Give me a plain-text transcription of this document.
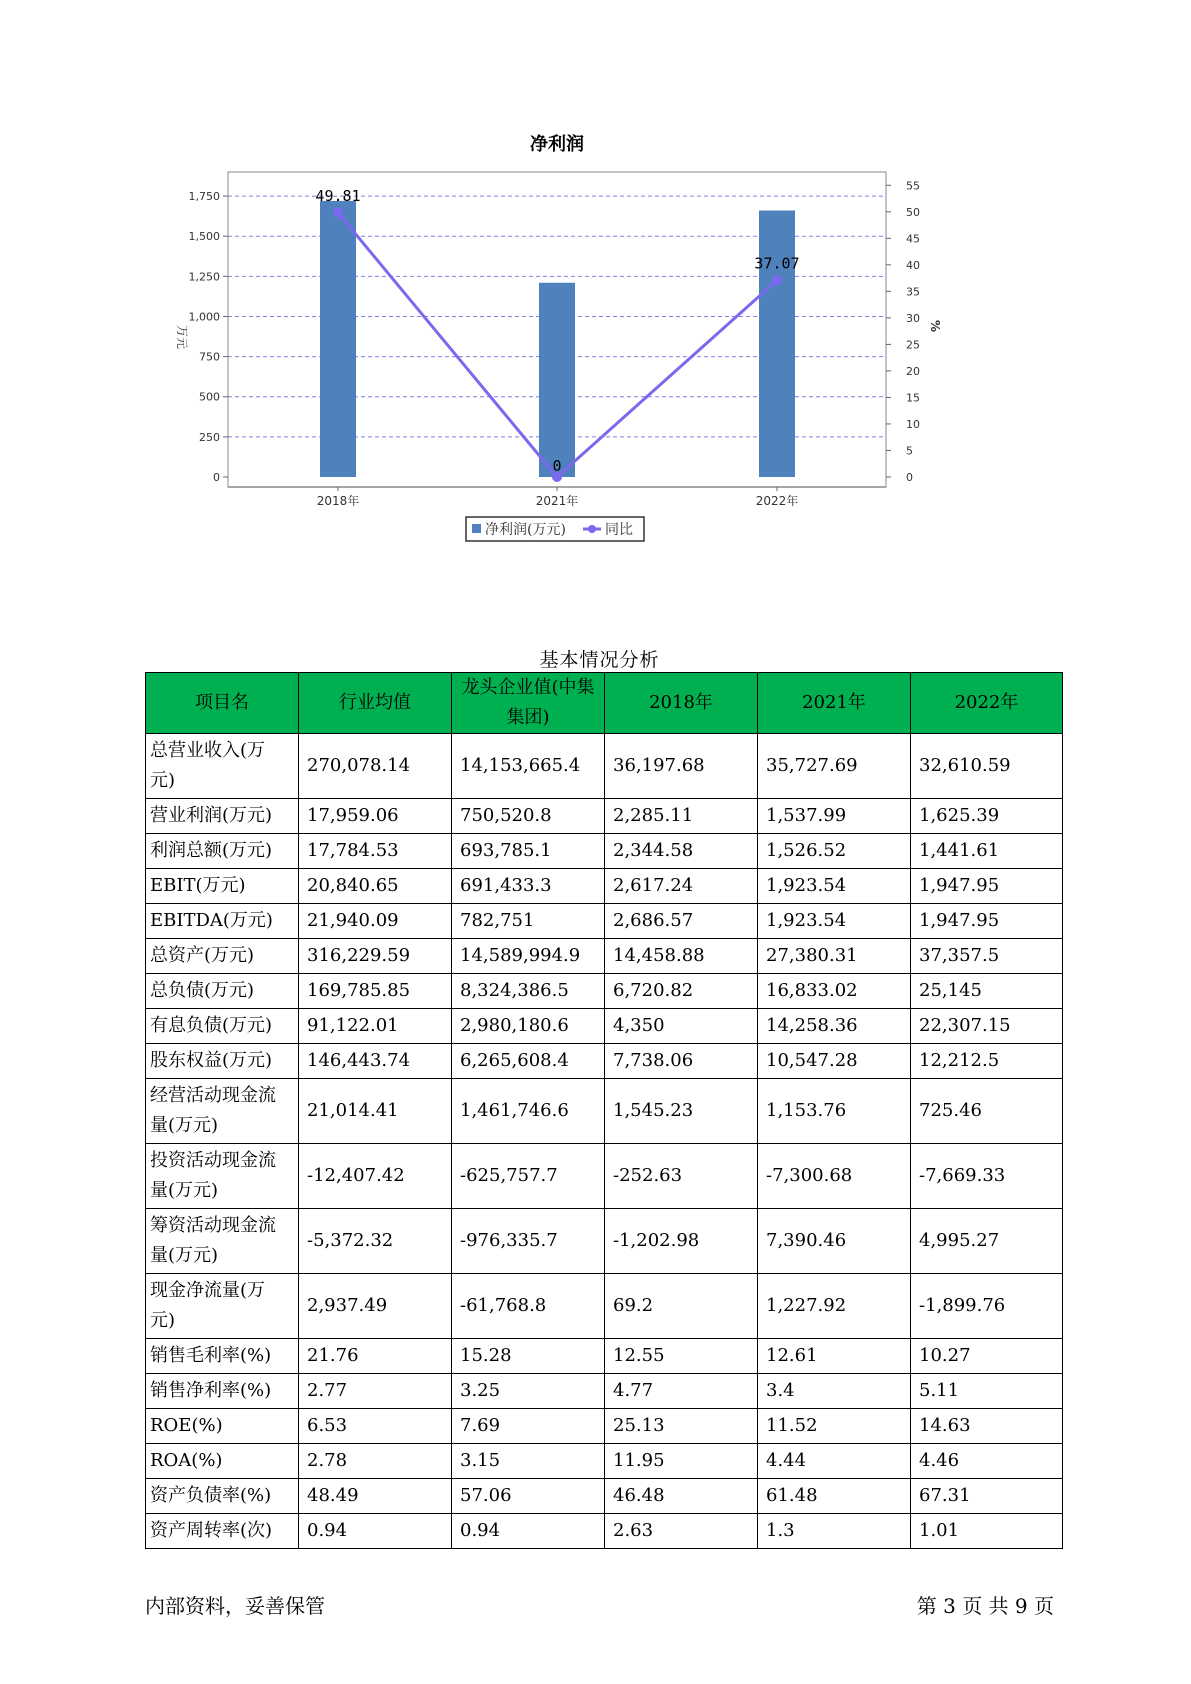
净利润
0
250
500
750
1,000
1,250
1,500
1,750
万元
0
5
10
15
20
25
30
35
40
45
50
55
%
2018年	2021年	2022年
49.81
0
37.07
净利润(万元)	同比
基本情况分析
项目名	行业均值	龙头企业值(中集集团)	2018年	2021年	2022年
总营业收入(万元)	270,078.14	14,153,665.4	36,197.68	35,727.69	32,610.59
营业利润(万元)	17,959.06	750,520.8	2,285.11	1,537.99	1,625.39
利润总额(万元)	17,784.53	693,785.1	2,344.58	1,526.52	1,441.61
EBIT(万元)	20,840.65	691,433.3	2,617.24	1,923.54	1,947.95
EBITDA(万元)	21,940.09	782,751	2,686.57	1,923.54	1,947.95
总资产(万元)	316,229.59	14,589,994.9	14,458.88	27,380.31	37,357.5
总负债(万元)	169,785.85	8,324,386.5	6,720.82	16,833.02	25,145
有息负债(万元)	91,122.01	2,980,180.6	4,350	14,258.36	22,307.15
股东权益(万元)	146,443.74	6,265,608.4	7,738.06	10,547.28	12,212.5
经营活动现金流量(万元)	21,014.41	1,461,746.6	1,545.23	1,153.76	725.46
投资活动现金流量(万元)	-12,407.42	-625,757.7	-252.63	-7,300.68	-7,669.33
筹资活动现金流量(万元)	-5,372.32	-976,335.7	-1,202.98	7,390.46	4,995.27
现金净流量(万元)	2,937.49	-61,768.8	69.2	1,227.92	-1,899.76
销售毛利率(%)	21.76	15.28	12.55	12.61	10.27
销售净利率(%)	2.77	3.25	4.77	3.4	5.11
ROE(%)	6.53	7.69	25.13	11.52	14.63
ROA(%)	2.78	3.15	11.95	4.44	4.46
资产负债率(%)	48.49	57.06	46.48	61.48	67.31
资产周转率(次)	0.94	0.94	2.63	1.3	1.01
内部资料，妥善保管	第 3 页 共 9 页
